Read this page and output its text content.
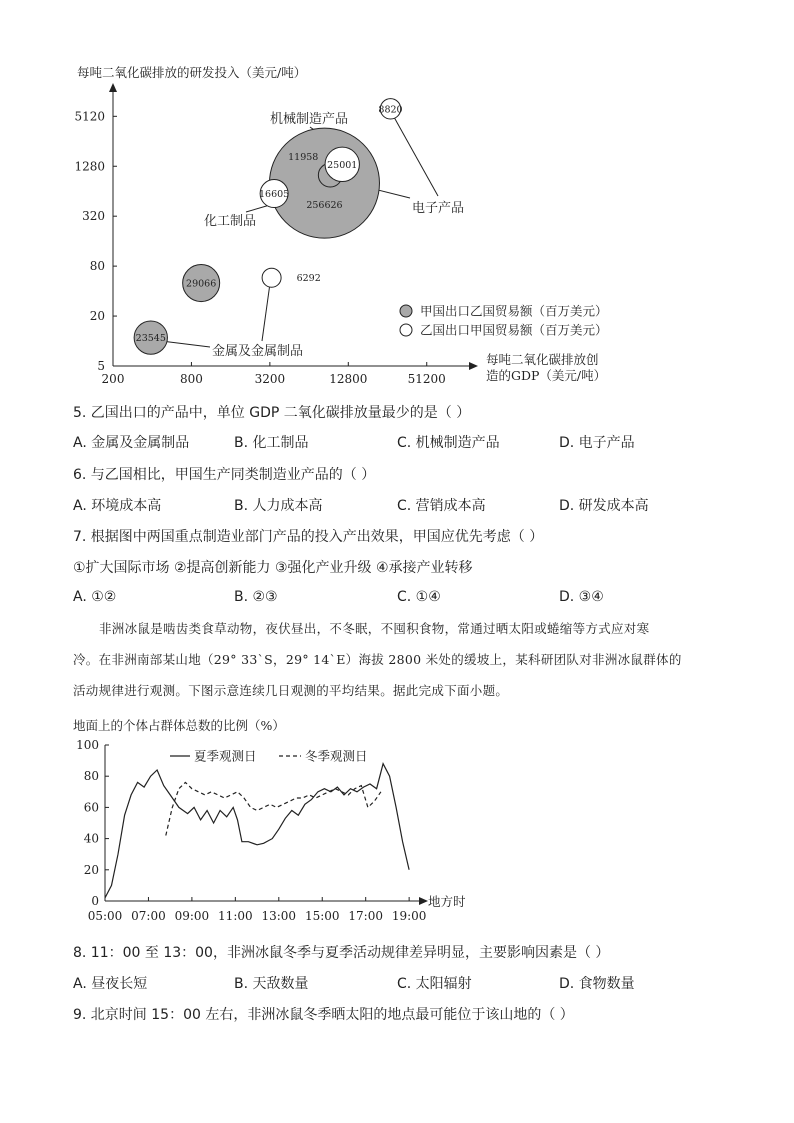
每吨二氧化碳排放的研发投入（美元/吨）
200	800	3200	12800	51200
5
20
80
320
1280
5120
每吨二氧化碳排放创
造的GDP（美元/吨）
23545
29066
256626
11958
6292
16605
25001
8820
机械制造产品
化工制品
电子产品
金属及金属制品
甲国出口乙国贸易额（百万美元）
乙国出口甲国贸易额（百万美元）
5. 乙国出口的产品中，单位 GDP 二氧化碳排放量最少的是（ ）
A. 金属及金属制品	B. 化工制品	C. 机械制造产品	D. 电子产品
6. 与乙国相比，甲国生产同类制造业产品的（ ）
A. 环境成本高	B. 人力成本高	C. 营销成本高	D. 研发成本高
7. 根据图中两国重点制造业部门产品的投入产出效果，甲国应优先考虑（ ）
①扩大国际市场 ②提高创新能力 ③强化产业升级 ④承接产业转移
A. ①②	B. ②③	C. ①④	D. ③④

非洲冰鼠是啮齿类食草动物，夜伏昼出，不冬眠，不囤积食物，常通过晒太阳或蜷缩等方式应对寒

冷。在非洲南部某山地（29° 33`S，29° 14`E）海拔 2800 米处的缓坡上，某科研团队对非洲冰鼠群体的

活动规律进行观测。下图示意连续几日观测的平均结果。据此完成下面小题。

地面上的个体占群体总数的比例（%）
地方时
05:00 07:00 09:00 11:00 13:00 15:00 17:00 19:00
0
20
40
60
80
100
夏季观测日	冬季观测日
8. 11：00 至 13：00，非洲冰鼠冬季与夏季活动规律差异明显，主要影响因素是（ ）
A. 昼夜长短	B. 天敌数量	C. 太阳辐射	D. 食物数量
9. 北京时间 15：00 左右，非洲冰鼠冬季晒太阳的地点最可能位于该山地的（ ）
